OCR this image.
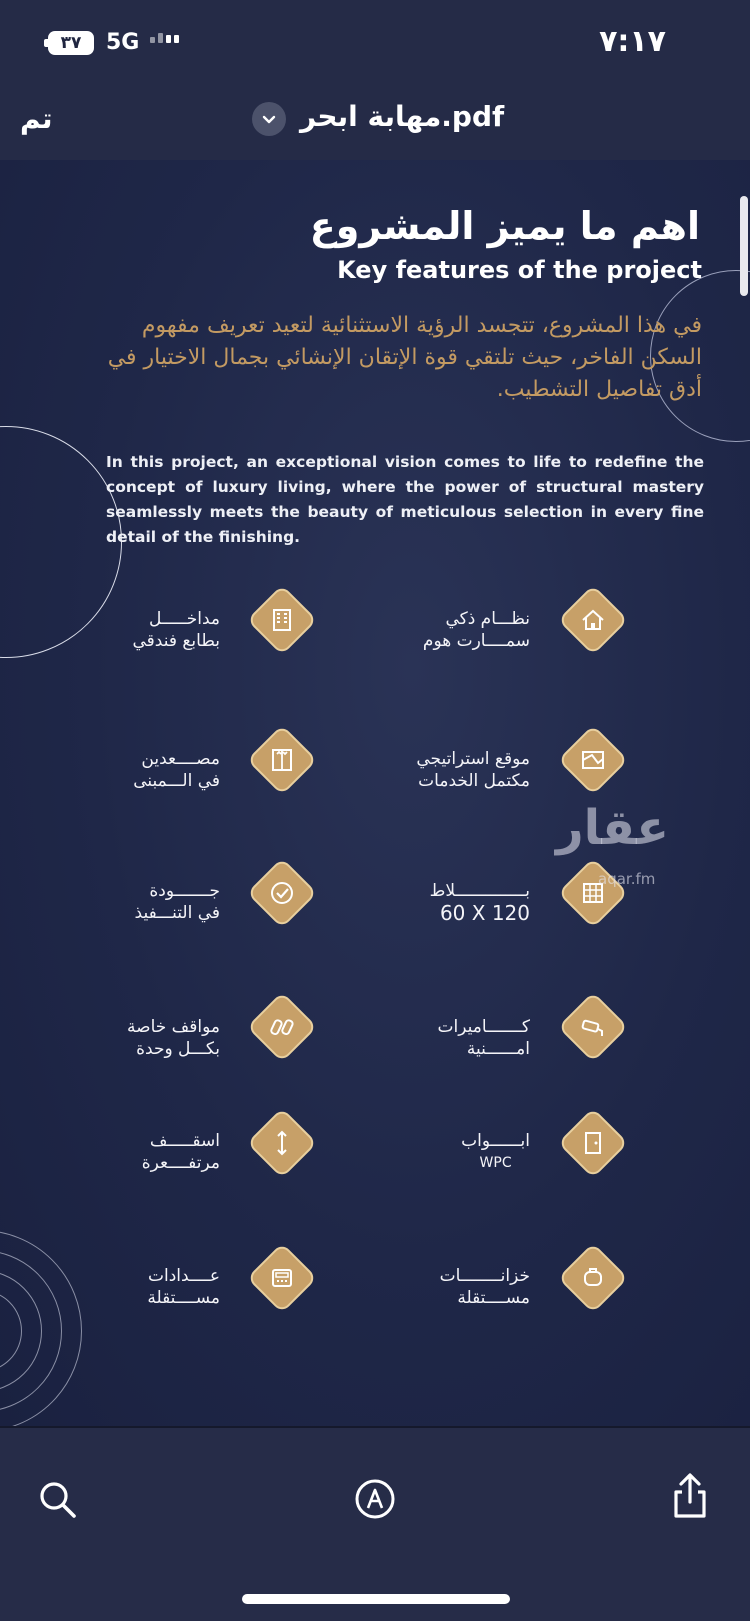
٣٧	5G	٧:١٧
تم	مهابة ابحر.pdf
اهم ما يميز المشروع
Key features of the project
في هذا المشروع، تتجسد الرؤية الاستثنائية لتعيد تعريف مفهوم السكن الفاخر، حيث تلتقي قوة الإتقان الإنشائي بجمال الاختيار في أدق تفاصيل التشطيب.
In this project, an exceptional vision comes to life to redefine the concept of luxury living, where the power of structural mastery seamlessly meets the beauty of meticulous selection in every fine detail of the finishing.
نظـــام ذكي
سمــــارت هوم
مداخـــــل
بطابع فندقي
موقع استراتيجي
مكتمل الخدمات
مصــــعدين
في الـــمبنى
بــــــــــــــلاط
60 X 120
جـــــــودة
في التنـــفيذ
كـــــــاميرات
امــــــنية
مواقف خاصة
بكـــل وحدة
ابــــــواب
WPC
اسقـــــف
مرتفــــعرة
خزانــــــــات
مســــتقلة
عــــدادات
مســــتقلة
عقار
aqar.fm
